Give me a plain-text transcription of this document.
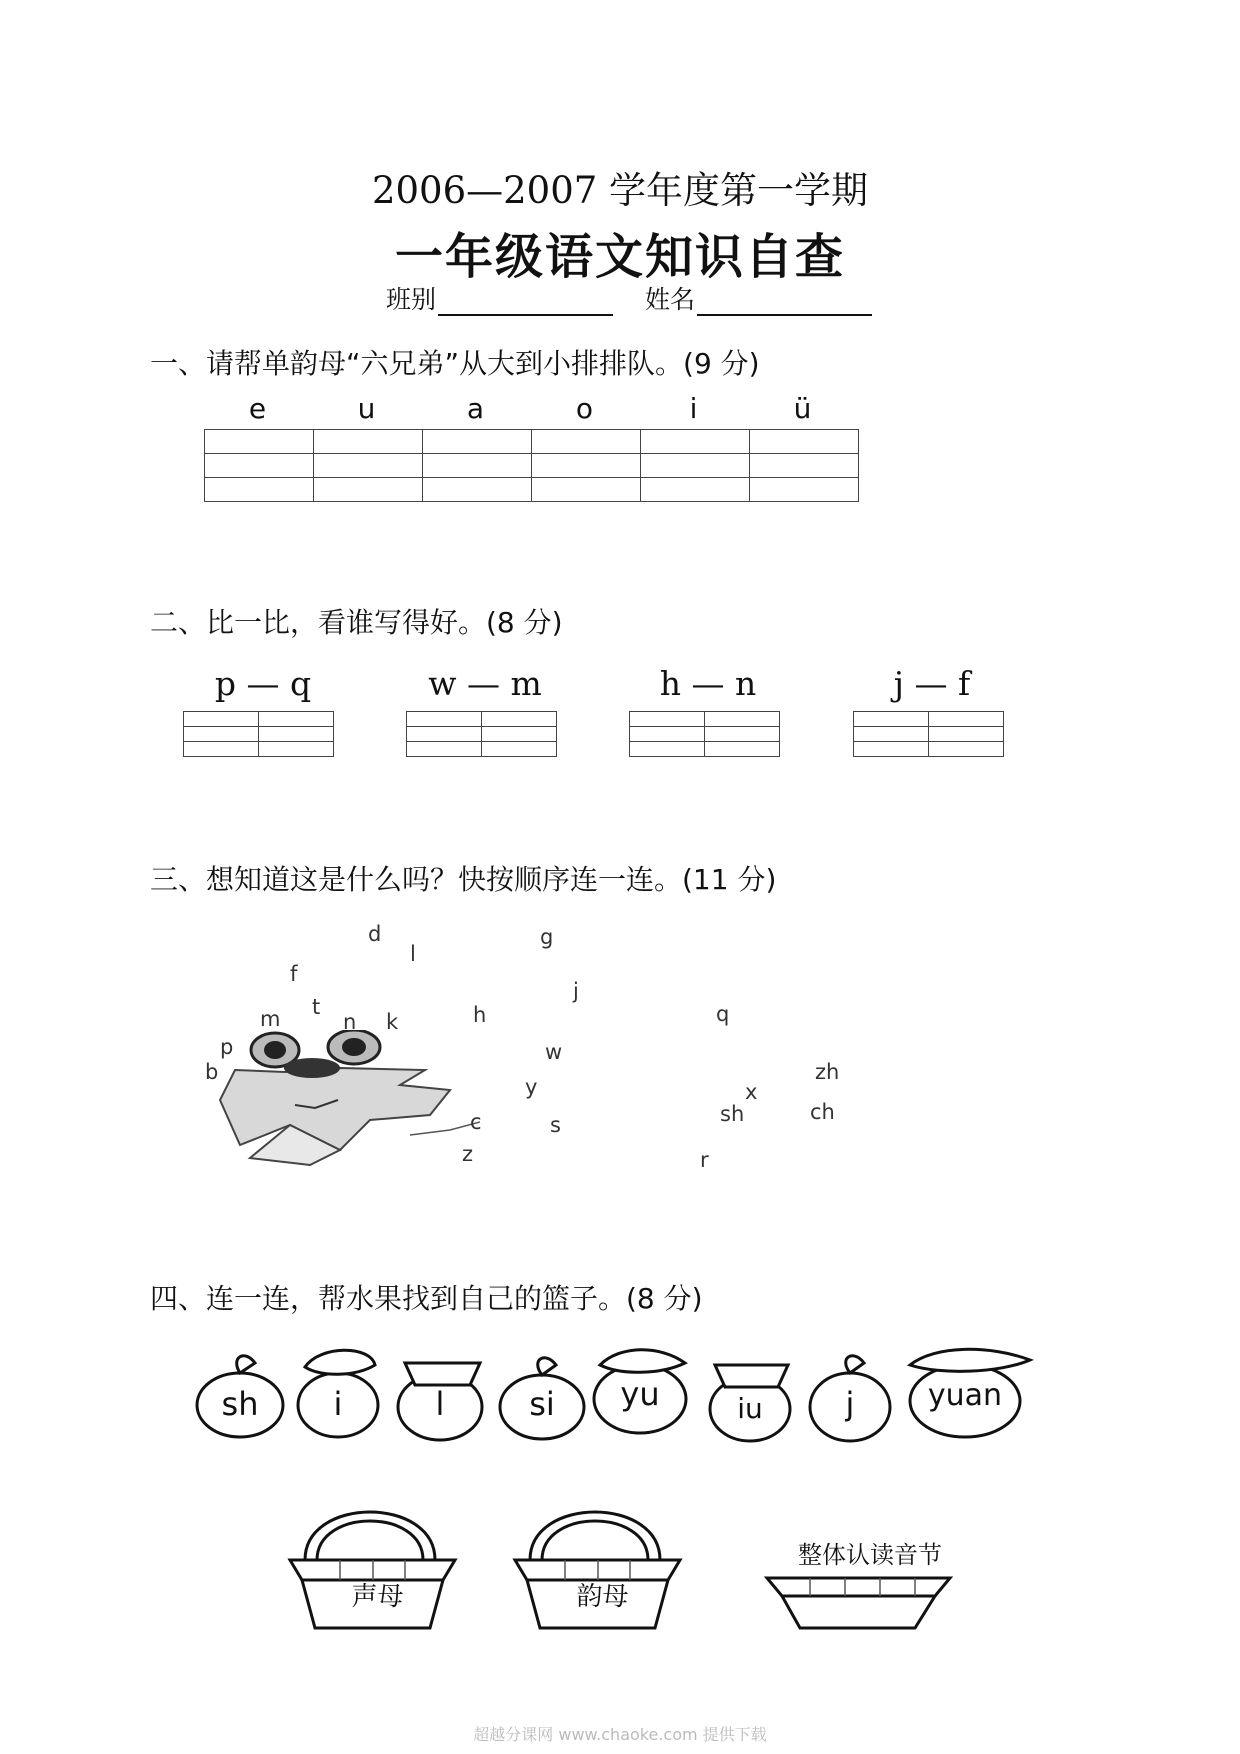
2006—2007 学年度第一学期
一年级语文知识自查
班别	姓名
一、请帮单韵母“六兄弟”从大到小排排队。(9 分)
e	u	a	o	i	ü

二、比一比，看谁写得好。(8 分)
p — q	w — m	h — n	j — f

三、想知道这是什么吗？快按顺序连一连。(11 分)
d
l
g
f
j
t
m	n k	h
p
q
w
b	zh
y	x
c	s	sh	ch
z	r
四、连一连，帮水果找到自己的篮子。(8 分)
sh	i	l	si	yu	iu	j	yuan
声母	韵母
整体认读音节
超越分课网 www.chaoke.com 提供下载
